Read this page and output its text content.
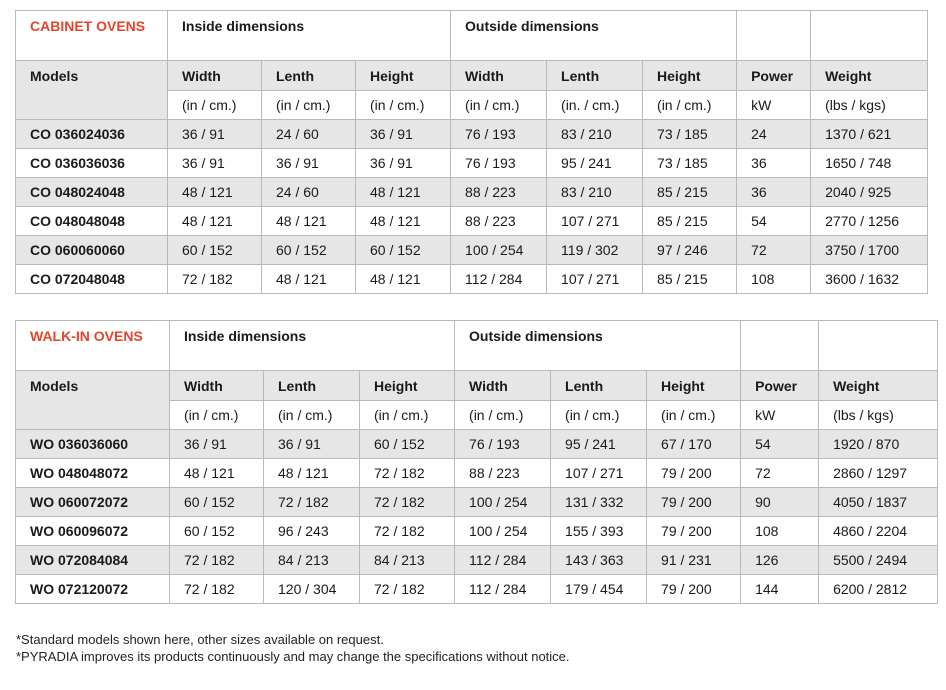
CABINET OVENS	Inside dimensions			Outside dimensions				
Models	Width	Lenth	Height	Width	Lenth	Height	Power	Weight
	(in / cm.)	(in / cm.)	(in / cm.)	(in / cm.)	(in. / cm.)	(in / cm.)	kW	(lbs / kgs)
CO 036024036	36 / 91	24 / 60	36 / 91	76 / 193	83 / 210	73 / 185	24	1370 / 621
CO 036036036	36 / 91	36 / 91	36 / 91	76 / 193	95 / 241	73 / 185	36	1650 / 748
CO 048024048	48 / 121	24 / 60	48 / 121	88 / 223	83 / 210	85 / 215	36	2040 / 925
CO 048048048	48 / 121	48 / 121	48 / 121	88 / 223	107 / 271	85 / 215	54	2770 / 1256
CO 060060060	60 / 152	60 / 152	60 / 152	100 / 254	119 / 302	97 / 246	72	3750 / 1700
CO 072048048	72 / 182	48 / 121	48 / 121	112 / 284	107 / 271	85 / 215	108	3600 / 1632
WALK-IN OVENS	Inside dimensions			Outside dimensions				
Models	Width	Lenth	Height	Width	Lenth	Height	Power	Weight
	(in / cm.)	(in / cm.)	(in / cm.)	(in / cm.)	(in / cm.)	(in / cm.)	kW	(lbs / kgs)
WO 036036060	36 / 91	36 / 91	60 / 152	76 / 193	95 / 241	67 / 170	54	1920 / 870
WO 048048072	48 / 121	48 / 121	72 / 182	88 / 223	107 / 271	79 / 200	72	2860 / 1297
WO 060072072	60 / 152	72 / 182	72 / 182	100 / 254	131 / 332	79 / 200	90	4050 / 1837
WO 060096072	60 / 152	96 / 243	72 / 182	100 / 254	155 / 393	79 / 200	108	4860 / 2204
WO 072084084	72 / 182	84 / 213	84 / 213	112 / 284	143 / 363	91 / 231	126	5500 / 2494
WO 072120072	72 / 182	120 / 304	72 / 182	112 / 284	179 / 454	79 / 200	144	6200 / 2812
*Standard models shown here, other sizes available on request.
*PYRADIA improves its products continuously and may change the specifications without notice.
